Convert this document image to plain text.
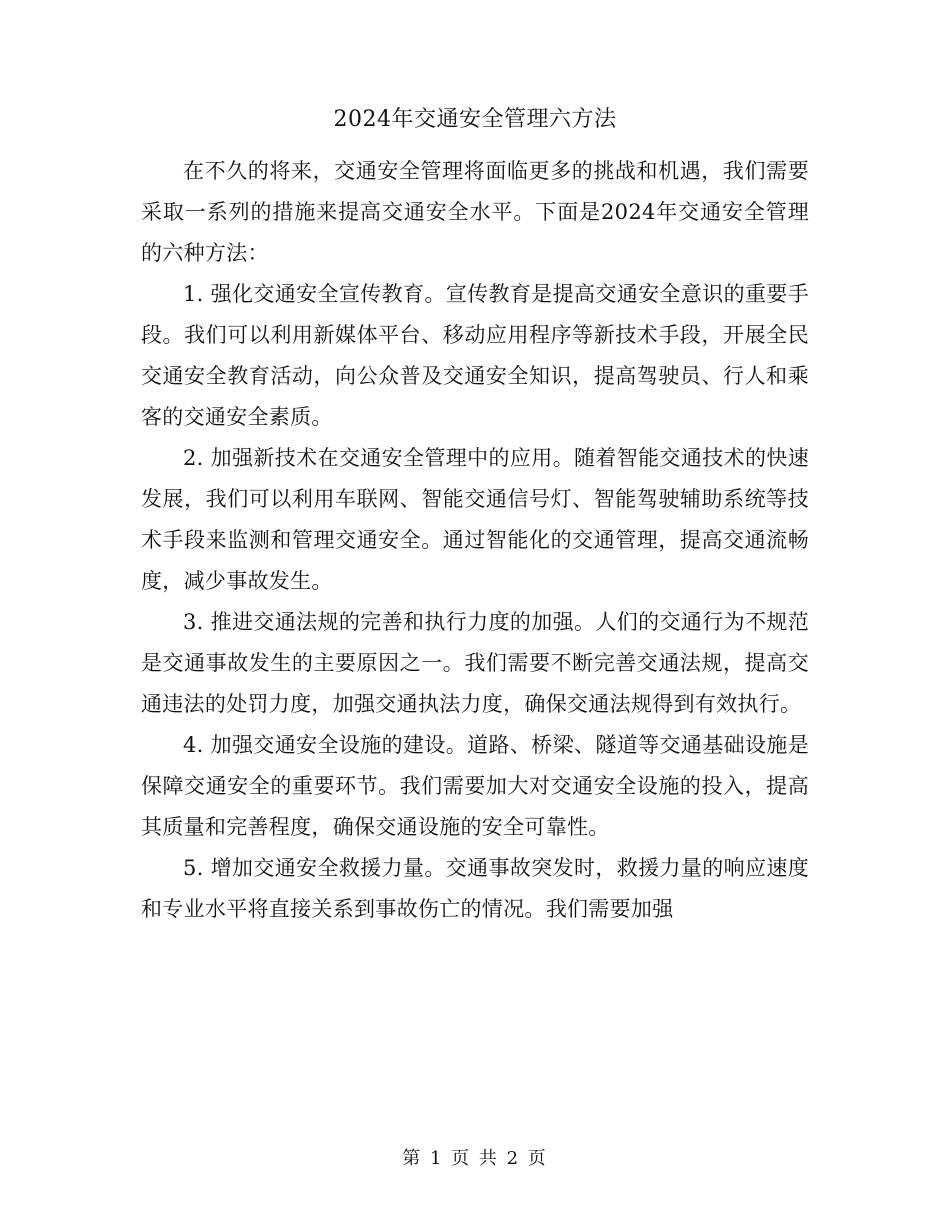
2024年交通安全管理六方法

在不久的将来，交通安全管理将面临更多的挑战和机遇，我们需要采取一系列的措施来提高交通安全水平。下面是2024年交通安全管理的六种方法：

1. 强化交通安全宣传教育。宣传教育是提高交通安全意识的重要手段。我们可以利用新媒体平台、移动应用程序等新技术手段，开展全民交通安全教育活动，向公众普及交通安全知识，提高驾驶员、行人和乘客的交通安全素质。

2. 加强新技术在交通安全管理中的应用。随着智能交通技术的快速发展，我们可以利用车联网、智能交通信号灯、智能驾驶辅助系统等技术手段来监测和管理交通安全。通过智能化的交通管理，提高交通流畅度，减少事故发生。

3. 推进交通法规的完善和执行力度的加强。人们的交通行为不规范是交通事故发生的主要原因之一。我们需要不断完善交通法规，提高交通违法的处罚力度，加强交通执法力度，确保交通法规得到有效执行。

4. 加强交通安全设施的建设。道路、桥梁、隧道等交通基础设施是保障交通安全的重要环节。我们需要加大对交通安全设施的投入，提高其质量和完善程度，确保交通设施的安全可靠性。

5. 增加交通安全救援力量。交通事故突发时，救援力量的响应速度和专业水平将直接关系到事故伤亡的情况。我们需要加强

第 1 页 共 2 页
